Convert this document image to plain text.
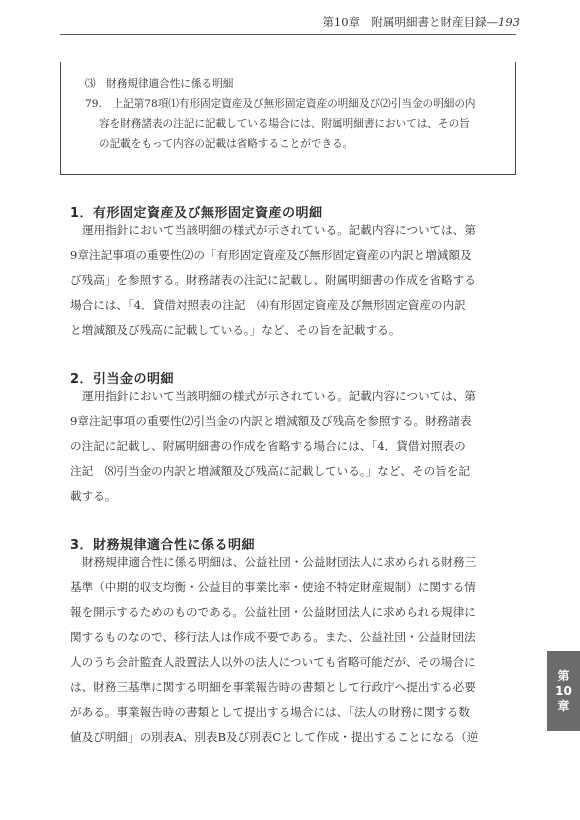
第10章　 附属明細書と財産目録—193
⑶　財務規律適合性に係る明細
79.　上記第78項⑴有形固定資産及び無形固定資産の明細及び⑵引当金の明細の内
容を財務諸表の注記に記載している場合には、附属明細書においては、その旨
の記載をもって内容の記載は省略することができる。
1．有形固定資産及び無形固定資産の明細
運用指針において当該明細の様式が示されている。記載内容については、第
9章注記事項の重要性⑵の「有形固定資産及び無形固定資産の内訳と増減額及
び残高」を参照する。財務諸表の注記に記載し、附属明細書の作成を省略する
場合には、「4．貸借対照表の注記　⑷有形固定資産及び無形固定資産の内訳
と増減額及び残高に記載している。」など、その旨を記載する。
2．引当金の明細
運用指針において当該明細の様式が示されている。記載内容については、第
9章注記事項の重要性⑵引当金の内訳と増減額及び残高を参照する。財務諸表
の注記に記載し、附属明細書の作成を省略する場合には、「4．貸借対照表の
注記　⑻引当金の内訳と増減額及び残高に記載している。」など、その旨を記
載する。
3．財務規律適合性に係る明細
財務規律適合性に係る明細は、公益社団・公益財団法人に求められる財務三
基準（中期的収支均衡・公益目的事業比率・使途不特定財産規制）に関する情
報を開示するためのものである。公益社団・公益財団法人に求められる規律に
関するものなので、移行法人は作成不要である。また、公益社団・公益財団法
人のうち会計監査人設置法人以外の法人についても省略可能だが、その場合に
は、財務三基準に関する明細を事業報告時の書類として行政庁へ提出する必要
がある。事業報告時の書類として提出する場合には、「法人の財務に関する数
値及び明細」の別表A、別表B及び別表Cとして作成・提出することになる（逆
第
10
章
